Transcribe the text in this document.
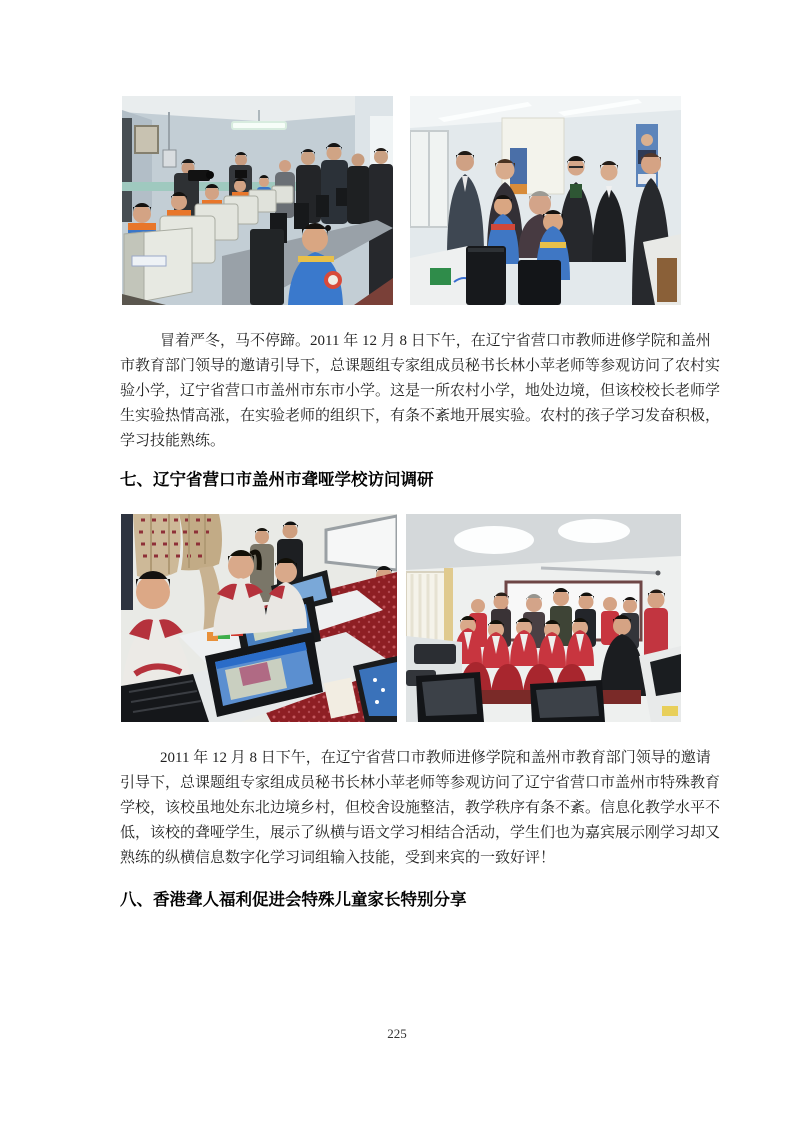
冒着严冬，马不停蹄。2011 年 12 月 8 日下午，在辽宁省营口市教师进修学院和盖州
市教育部门领导的邀请引导下，总课题组专家组成员秘书长林小苹老师等参观访问了农村实
验小学，辽宁省营口市盖州市东市小学。这是一所农村小学，地处边境，但该校校长老师学
生实验热情高涨，在实验老师的组织下，有条不紊地开展实验。农村的孩子学习发奋积极，
学习技能熟练。
七、辽宁省营口市盖州市聋哑学校访问调研
2011 年 12 月 8 日下午，在辽宁省营口市教师进修学院和盖州市教育部门领导的邀请
引导下，总课题组专家组成员秘书长林小苹老师等参观访问了辽宁省营口市盖州市特殊教育
学校，该校虽地处东北边境乡村，但校舍设施整洁，教学秩序有条不紊。信息化教学水平不
低，该校的聋哑学生，展示了纵横与语文学习相结合活动，学生们也为嘉宾展示刚学习却又
熟练的纵横信息数字化学习词组输入技能，受到来宾的一致好评！
八、香港聋人福利促进会特殊儿童家长特别分享
225
